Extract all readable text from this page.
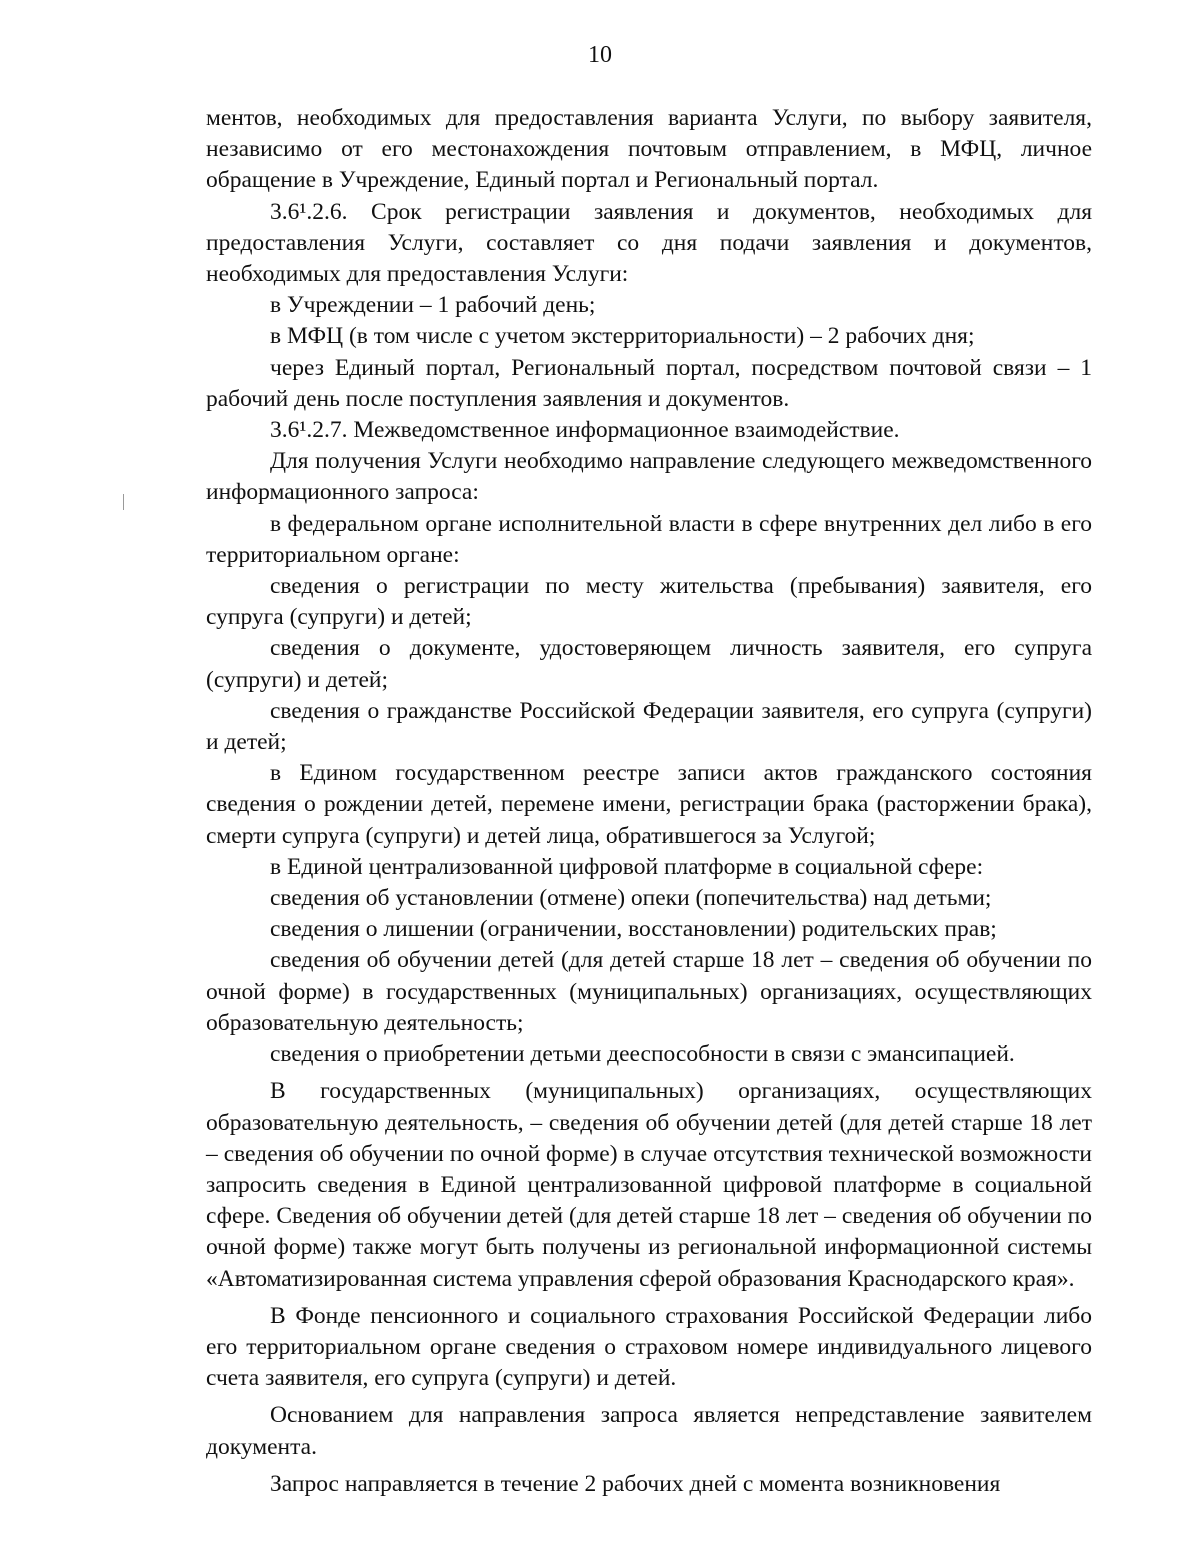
10

ментов, необходимых для предоставления варианта Услуги, по выбору заявителя, независимо от его местонахождения почтовым отправлением, в МФЦ, личное обращение в Учреждение, Единый портал и Региональный портал.

3.6¹.2.6. Срок регистрации заявления и документов, необходимых для предоставления Услуги, составляет со дня подачи заявления и документов, необходимых для предоставления Услуги:

в Учреждении – 1 рабочий день;

в МФЦ (в том числе с учетом экстерриториальности) – 2 рабочих дня;

через Единый портал, Региональный портал, посредством почтовой связи – 1 рабочий день после поступления заявления и документов.

3.6¹.2.7. Межведомственное информационное взаимодействие.

Для получения Услуги необходимо направление следующего межведомственного информационного запроса:

в федеральном органе исполнительной власти в сфере внутренних дел либо в его территориальном органе:

сведения о регистрации по месту жительства (пребывания) заявителя, его супруга (супруги) и детей;

сведения о документе, удостоверяющем личность заявителя, его супруга (супруги) и детей;

сведения о гражданстве Российской Федерации заявителя, его супруга (супруги) и детей;

в Едином государственном реестре записи актов гражданского состояния сведения о рождении детей, перемене имени, регистрации брака (расторжении брака), смерти супруга (супруги) и детей лица, обратившегося за Услугой;

в Единой централизованной цифровой платформе в социальной сфере:

сведения об установлении (отмене) опеки (попечительства) над детьми;

сведения о лишении (ограничении, восстановлении) родительских прав;

сведения об обучении детей (для детей старше 18 лет – сведения об обучении по очной форме) в государственных (муниципальных) организациях, осуществляющих образовательную деятельность;

сведения о приобретении детьми дееспособности в связи с эмансипацией.

В государственных (муниципальных) организациях, осуществляющих образовательную деятельность, – сведения об обучении детей (для детей старше 18 лет – сведения об обучении по очной форме) в случае отсутствия технической возможности запросить сведения в Единой централизованной цифровой платформе в социальной сфере. Сведения об обучении детей (для детей старше 18 лет – сведения об обучении по очной форме) также могут быть получены из региональной информационной системы «Автоматизированная система управления сферой образования Краснодарского края».

В Фонде пенсионного и социального страхования Российской Федерации либо его территориальном органе сведения о страховом номере индивидуального лицевого счета заявителя, его супруга (супруги) и детей.

Основанием для направления запроса является непредставление заявителем документа.

Запрос направляется в течение 2 рабочих дней с момента возникновения
